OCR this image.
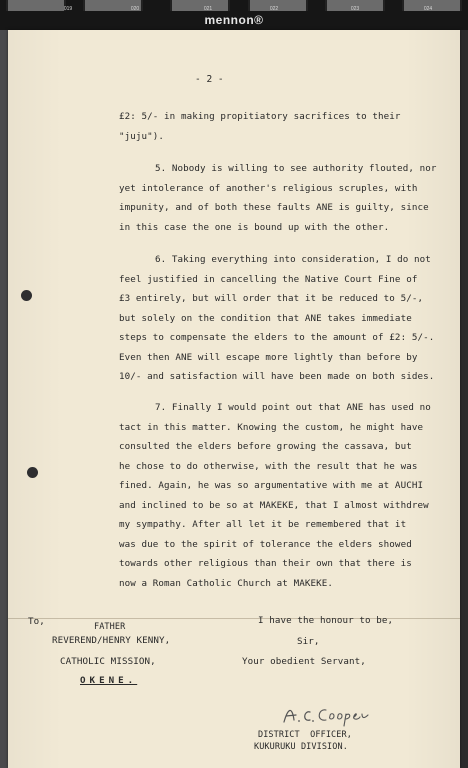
019	020	021	022	023	024
mennon®
- 2 -
£2: 5/- in making propitiatory sacrifices to their
"juju").
5. Nobody is willing to see authority flouted, nor
yet intolerance of another's religious scruples, with
impunity, and of both these faults ANE is guilty, since
in this case the one is bound up with the other.
6. Taking everything into consideration, I do not
feel justified in cancelling the Native Court Fine of
£3 entirely, but will order that it be reduced to 5/-,
but solely on the condition that ANE takes immediate
steps to compensate the elders to the amount of £2: 5/-.
Even then ANE will escape more lightly than before by
10/- and satisfaction will have been made on both sides.
7. Finally I would point out that ANE has used no
tact in this matter. Knowing the custom, he might have
consulted the elders before growing the cassava, but
he chose to do otherwise, with the result that he was
fined. Again, he was so argumentative with me at AUCHI
and inclined to be so at MAKEKE, that I almost withdrew
my sympathy. After all let it be remembered that it
was due to the spirit of tolerance the elders showed
towards other religious than their own that there is
now a Roman Catholic Church at MAKEKE.
To,	FATHER
REVEREND/HENRY KENNY,
CATHOLIC MISSION,
OKENE.
I have the honour to be,
Sir,
Your obedient Servant,
DISTRICT  OFFICER,
KUKURUKU DIVISION.
